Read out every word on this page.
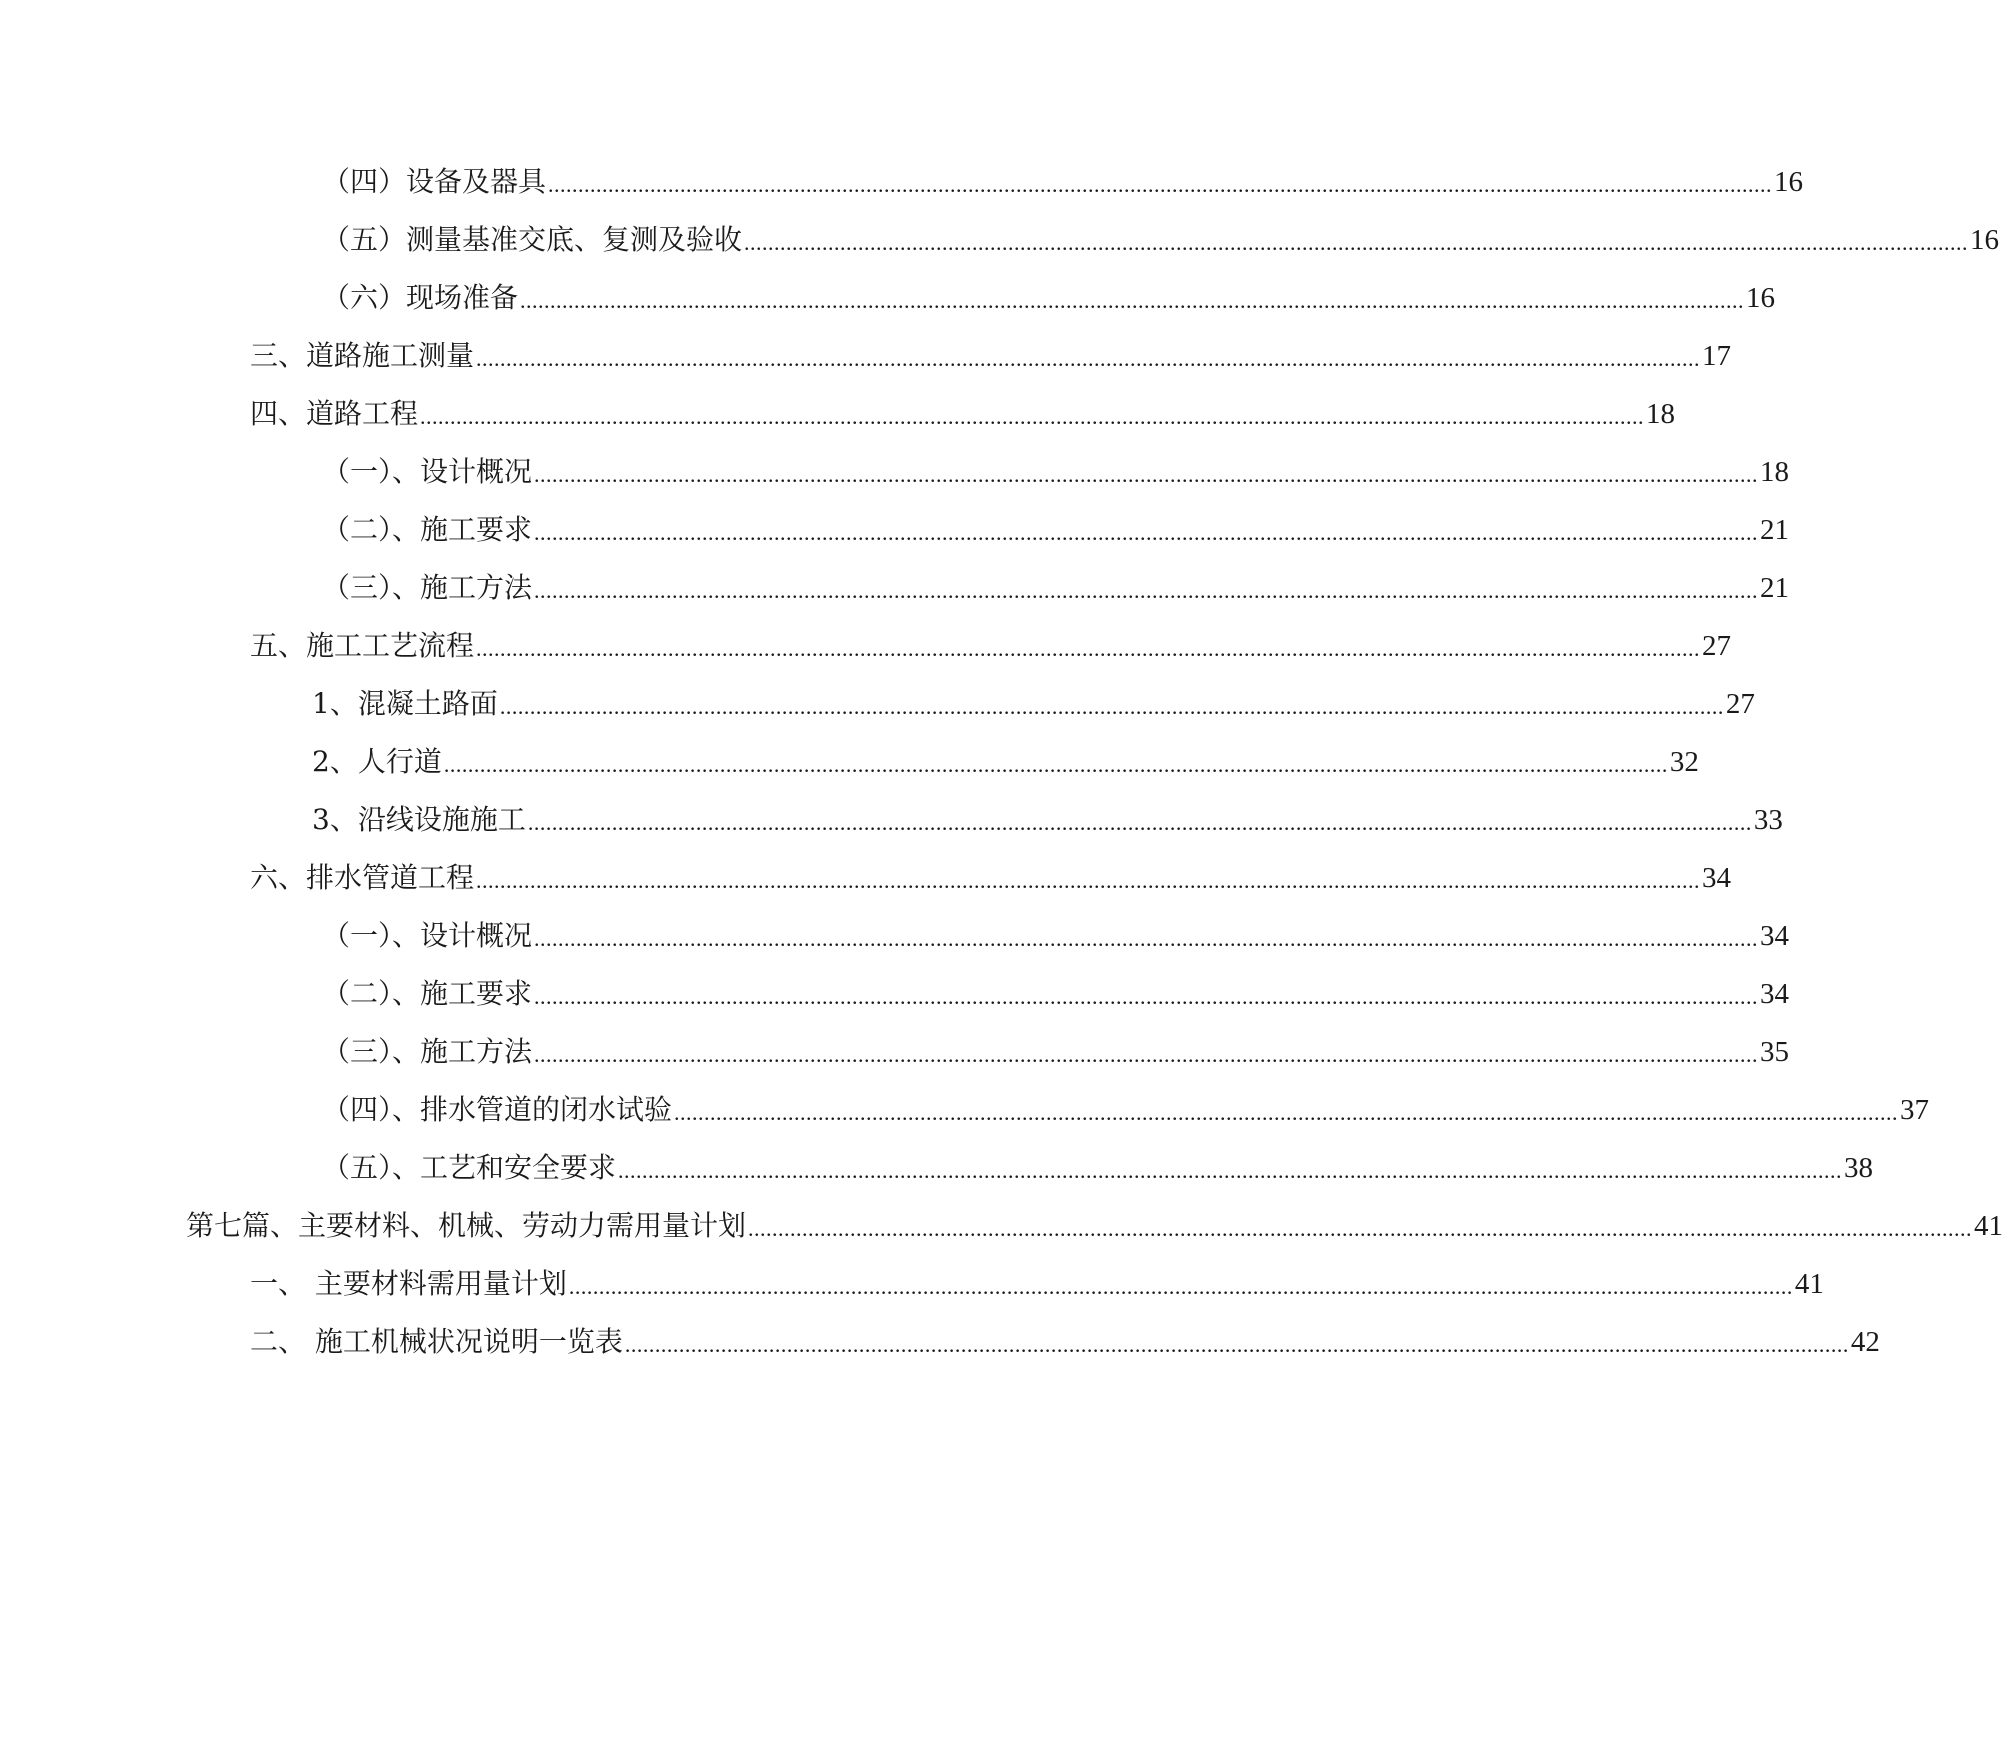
（四）设备及器具 ............................................................................................................................................................................................................ 16
（五）测量基准交底、复测及验收 ............................................................................................................................................................................................................ 16
（六）现场准备 ............................................................................................................................................................................................................ 16
三、道路施工测量 ............................................................................................................................................................................................................ 17
四、道路工程 ............................................................................................................................................................................................................ 18
（一）、设计概况 ............................................................................................................................................................................................................ 18
（二）、施工要求 ............................................................................................................................................................................................................ 21
（三）、施工方法 ............................................................................................................................................................................................................ 21
五、施工工艺流程 ............................................................................................................................................................................................................ 27
1、混凝土路面 ............................................................................................................................................................................................................ 27
2、人行道 ............................................................................................................................................................................................................ 32
3、沿线设施施工 ............................................................................................................................................................................................................ 33
六、排水管道工程 ............................................................................................................................................................................................................ 34
（一）、设计概况 ............................................................................................................................................................................................................ 34
（二）、施工要求 ............................................................................................................................................................................................................ 34
（三）、施工方法 ............................................................................................................................................................................................................ 35
（四）、排水管道的闭水试验 ............................................................................................................................................................................................................ 37
（五）、工艺和安全要求 ............................................................................................................................................................................................................ 38
第七篇、主要材料、机械、劳动力需用量计划 ............................................................................................................................................................................................................ 41
一、 主要材料需用量计划 ............................................................................................................................................................................................................ 41
二、 施工机械状况说明一览表 ............................................................................................................................................................................................................ 42
